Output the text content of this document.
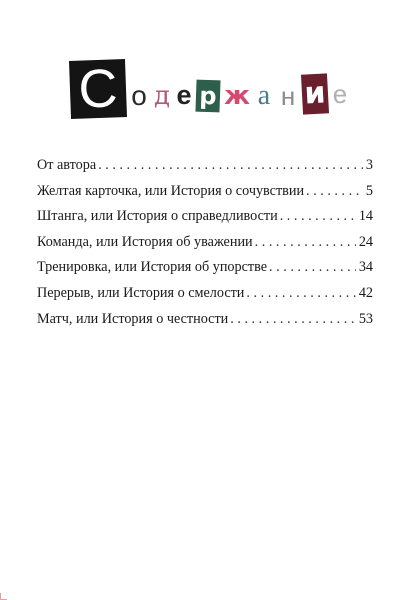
С о д е р ж а н и е
От автора . . .	3
Желтая карточка, или История о сочувствии . . .	5
Штанга, или История о справедливости . . .	14
Команда, или История об уважении . . .	24
Тренировка, или История об упорстве . . .	34
Перерыв, или История о смелости . . .	42
Матч, или История о честности . . .	53
